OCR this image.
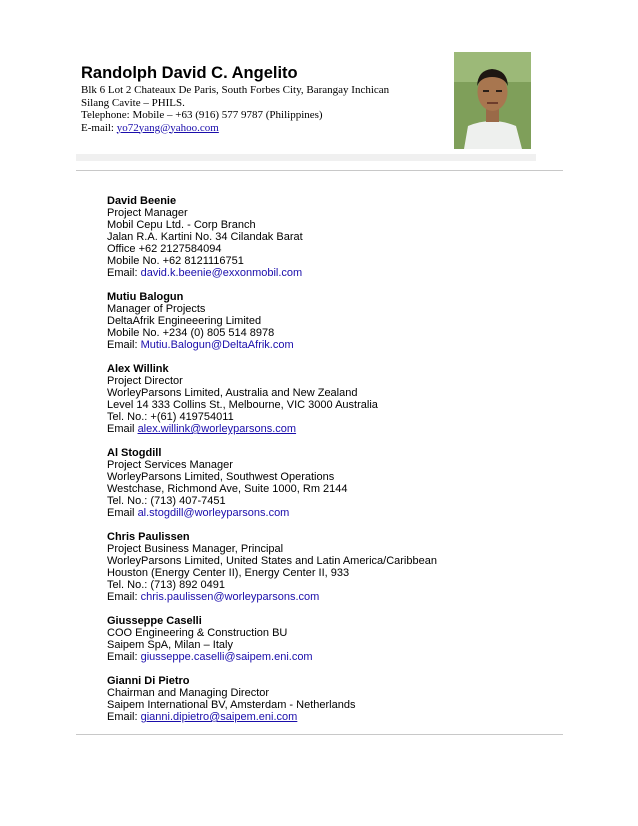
Randolph David C. Angelito
Blk 6 Lot 2 Chateaux De Paris, South Forbes City, Barangay Inchican
Silang Cavite – PHILS.
Telephone: Mobile – +63 (916) 577 9787 (Philippines)
E-mail: yo72yang@yahoo.com
David Beenie
Project Manager
Mobil Cepu Ltd. - Corp Branch
Jalan R.A. Kartini No. 34 Cilandak Barat
Office +62 2127584094
Mobile No. +62 8121116751
Email: david.k.beenie@exxonmobil.com
Mutiu Balogun
Manager of Projects
DeltaAfrik Engineeering Limited
Mobile No. +234 (0) 805 514 8978
Email: Mutiu.Balogun@DeltaAfrik.com
Alex Willink
Project Director
WorleyParsons Limited, Australia and New Zealand
Level 14 333 Collins St., Melbourne, VIC 3000 Australia
Tel. No.: +(61) 419754011
Email alex.willink@worleyparsons.com
Al Stogdill
Project Services Manager
WorleyParsons Limited, Southwest Operations
Westchase, Richmond Ave, Suite 1000, Rm 2144
Tel. No.: (713) 407-7451
Email al.stogdill@worleyparsons.com
Chris Paulissen
Project Business Manager, Principal
WorleyParsons Limited, United States and Latin America/Caribbean
Houston (Energy Center II), Energy Center II, 933
Tel. No.: (713) 892 0491
Email: chris.paulissen@worleyparsons.com
Giusseppe Caselli
COO Engineering & Construction BU
Saipem SpA, Milan – Italy
Email: giusseppe.caselli@saipem.eni.com
Gianni Di Pietro
Chairman and Managing Director
Saipem International BV, Amsterdam - Netherlands
Email: gianni.dipietro@saipem.eni.com
